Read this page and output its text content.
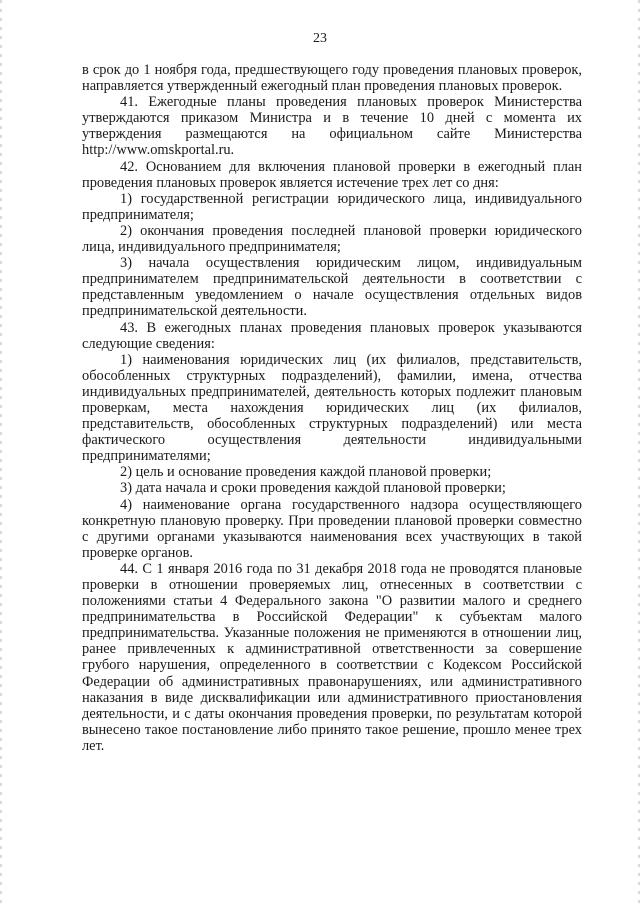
23

в срок до 1 ноября года, предшествующего году проведения плановых проверок, направляется утвержденный ежегодный план проведения плановых проверок.

41. Ежегодные планы проведения плановых проверок Министерства утверждаются приказом Министра и в течение 10 дней с момента их утверждения размещаются на официальном сайте Министерства http://www.omskportal.ru.

42. Основанием для включения плановой проверки в ежегодный план проведения плановых проверок является истечение трех лет со дня:

1) государственной регистрации юридического лица, индивидуального предпринимателя;

2) окончания проведения последней плановой проверки юридического лица, индивидуального предпринимателя;

3) начала осуществления юридическим лицом, индивидуальным предпринимателем предпринимательской деятельности в соответствии с представленным уведомлением о начале осуществления отдельных видов предпринимательской деятельности.

43. В ежегодных планах проведения плановых проверок указываются следующие сведения:

1) наименования юридических лиц (их филиалов, представительств, обособленных структурных подразделений), фамилии, имена, отчества индивидуальных предпринимателей, деятельность которых подлежит плановым проверкам, места нахождения юридических лиц (их филиалов, представительств, обособленных структурных подразделений) или места фактического осуществления деятельности индивидуальными предпринимателями;

2) цель и основание проведения каждой плановой проверки;

3) дата начала и сроки проведения каждой плановой проверки;

4) наименование органа государственного надзора осуществляющего конкретную плановую проверку. При проведении плановой проверки совместно с другими органами указываются наименования всех участвующих в такой проверке органов.

44. С 1 января 2016 года по 31 декабря 2018 года не проводятся плановые проверки в отношении проверяемых лиц, отнесенных в соответствии с положениями статьи 4 Федерального закона "О развитии малого и среднего предпринимательства в Российской Федерации" к субъектам малого предпринимательства. Указанные положения не применяются в отношении лиц, ранее привлеченных к административной ответственности за совершение грубого нарушения, определенного в соответствии с Кодексом Российской Федерации об административных правонарушениях, или административного наказания в виде дисквалификации или административного приостановления деятельности, и с даты окончания проведения проверки, по результатам которой вынесено такое постановление либо принято такое решение, прошло менее трех лет.
